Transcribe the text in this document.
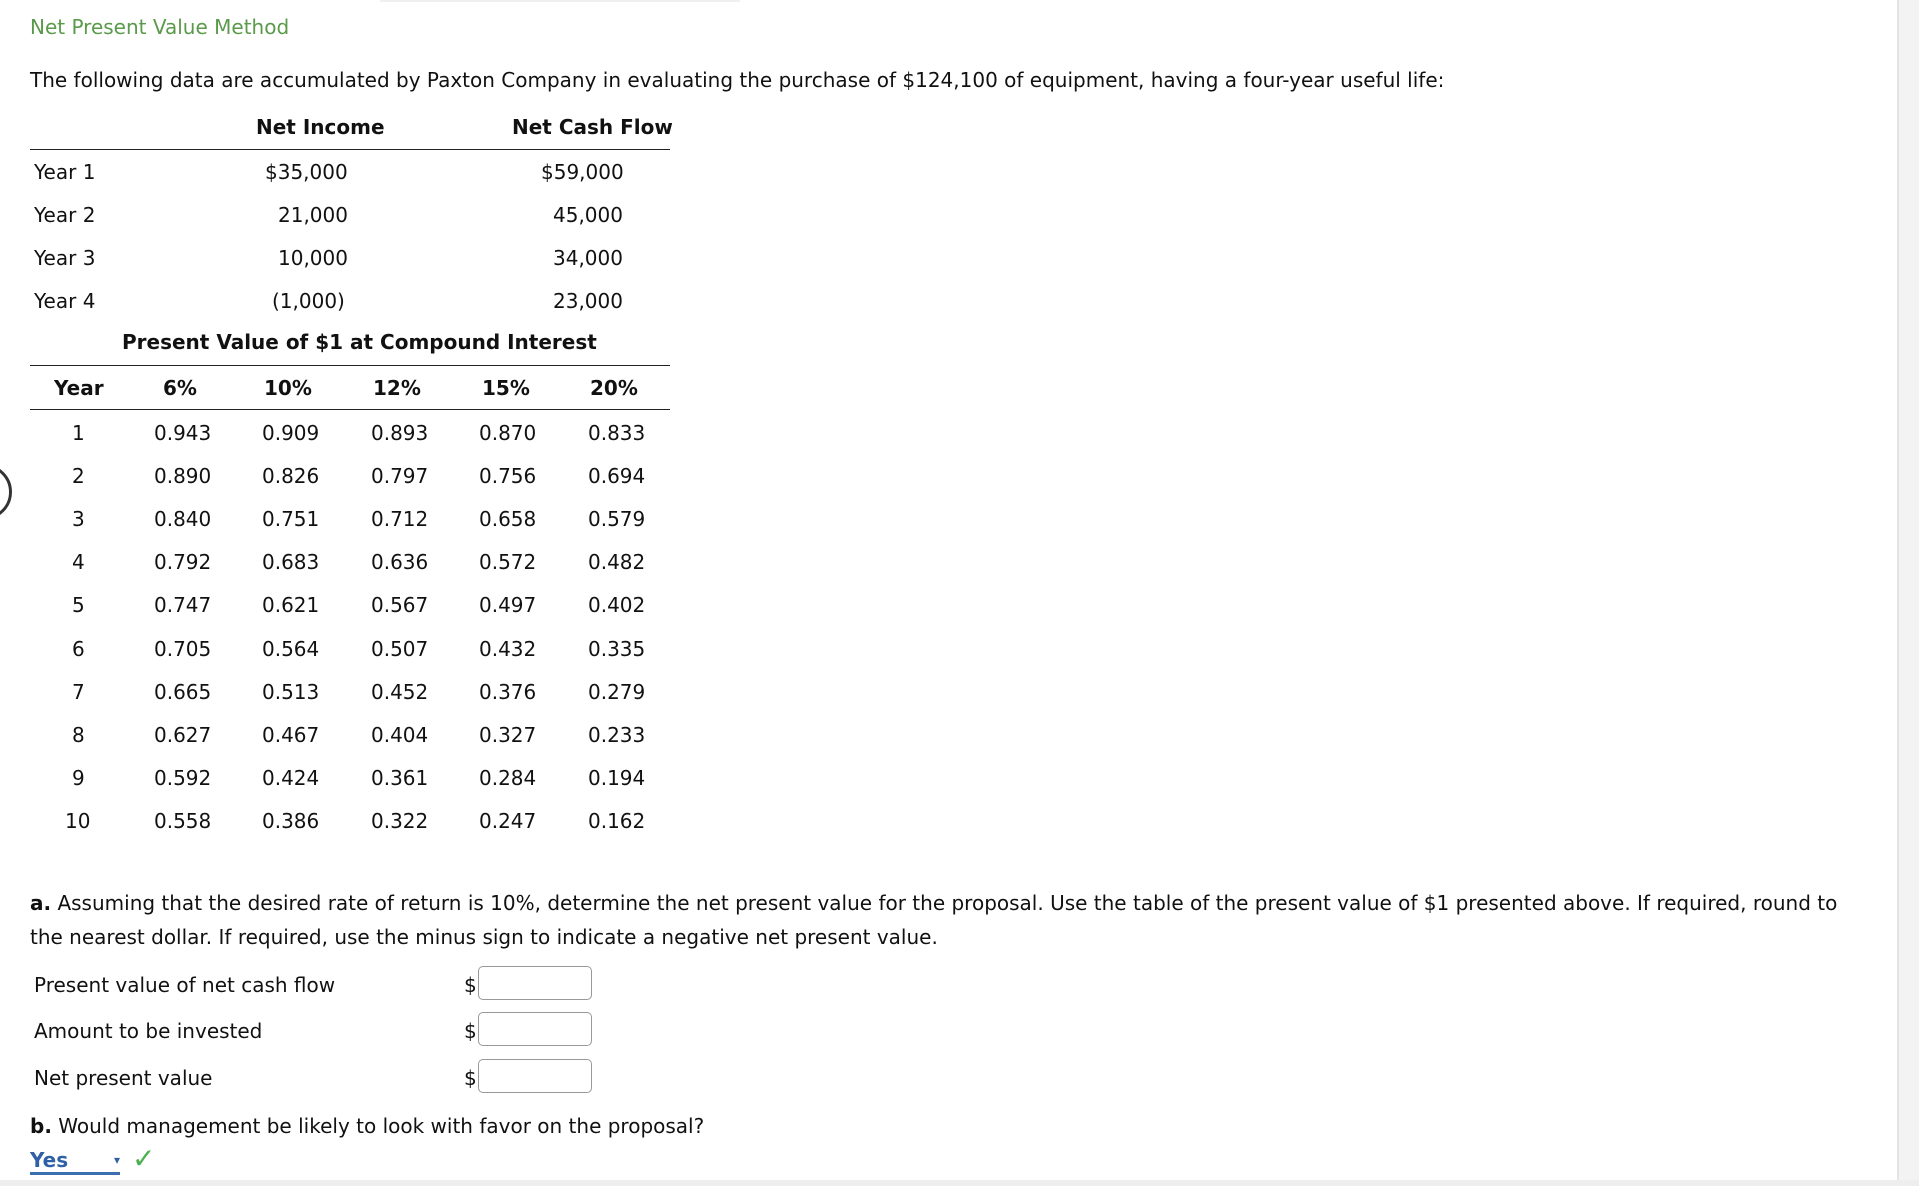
Net Present Value Method
The following data are accumulated by Paxton Company in evaluating the purchase of $124,100 of equipment, having a four-year useful life:
Net Income	Net Cash Flow
Year 1	$35,000	$59,000
Year 2	21,000	45,000
Year 3	10,000	34,000
Year 4	(1,000)	23,000
Present Value of $1 at Compound Interest
Year	6%	10%	12%	15%	20%
1	0.943	0.909	0.893	0.870	0.833
2	0.890	0.826	0.797	0.756	0.694
3	0.840	0.751	0.712	0.658	0.579
4	0.792	0.683	0.636	0.572	0.482
5	0.747	0.621	0.567	0.497	0.402
6	0.705	0.564	0.507	0.432	0.335
7	0.665	0.513	0.452	0.376	0.279
8	0.627	0.467	0.404	0.327	0.233
9	0.592	0.424	0.361	0.284	0.194
10	0.558	0.386	0.322	0.247	0.162
a. Assuming that the desired rate of return is 10%, determine the net present value for the proposal. Use the table of the present value of $1 presented above. If required, round to the nearest dollar. If required, use the minus sign to indicate a negative net present value.
Present value of net cash flow	$
Amount to be invested	$
Net present value	$
b. Would management be likely to look with favor on the proposal?
Yes	▾ ✓
